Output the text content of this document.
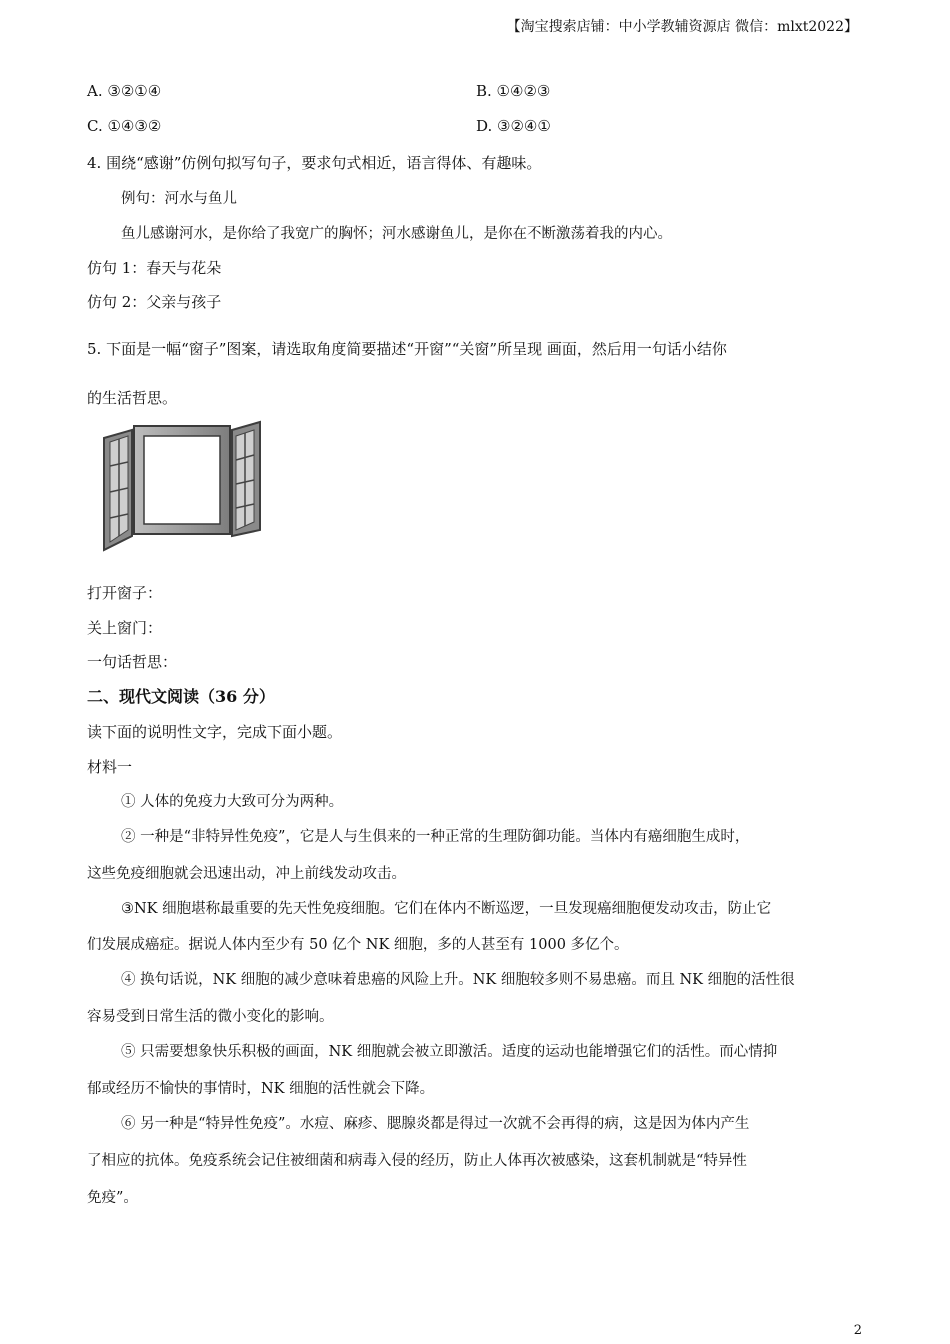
【淘宝搜索店铺：中小学教辅资源店 微信：mlxt2022】
A. ③②①④	B. ①④②③
C. ①④③②	D. ③②④①
4. 围绕“感谢”仿例句拟写句子，要求句式相近，语言得体、有趣味。
例句：河水与鱼儿
鱼儿感谢河水，是你给了我宽广的胸怀；河水感谢鱼儿，是你在不断激荡着我的内心。
仿句 1：春天与花朵
仿句 2：父亲与孩子
5. 下面是一幅“窗子”图案，请选取角度简要描述“开窗”“关窗”所呈现 画面，然后用一句话小结你
的生活哲思。
打开窗子：
关上窗门：
一句话哲思：
二、现代文阅读（36 分）
读下面的说明性文字，完成下面小题。
材料一
① 人体的免疫力大致可分为两种。
② 一种是“非特异性免疫”，它是人与生俱来的一种正常的生理防御功能。当体内有癌细胞生成时，
这些免疫细胞就会迅速出动，冲上前线发动攻击。
③NK 细胞堪称最重要的先天性免疫细胞。它们在体内不断巡逻，一旦发现癌细胞便发动攻击，防止它
们发展成癌症。据说人体内至少有 50 亿个 NK 细胞，多的人甚至有 1000 多亿个。
④ 换句话说，NK 细胞的减少意味着患癌的风险上升。NK 细胞较多则不易患癌。而且 NK 细胞的活性很
容易受到日常生活的微小变化的影响。
⑤ 只需要想象快乐积极的画面，NK 细胞就会被立即激活。适度的运动也能增强它们的活性。而心情抑
郁或经历不愉快的事情时，NK 细胞的活性就会下降。
⑥ 另一种是“特异性免疫”。水痘、麻疹、腮腺炎都是得过一次就不会再得的病，这是因为体内产生
了相应的抗体。免疫系统会记住被细菌和病毒入侵的经历，防止人体再次被感染，这套机制就是“特异性
免疫”。
2
